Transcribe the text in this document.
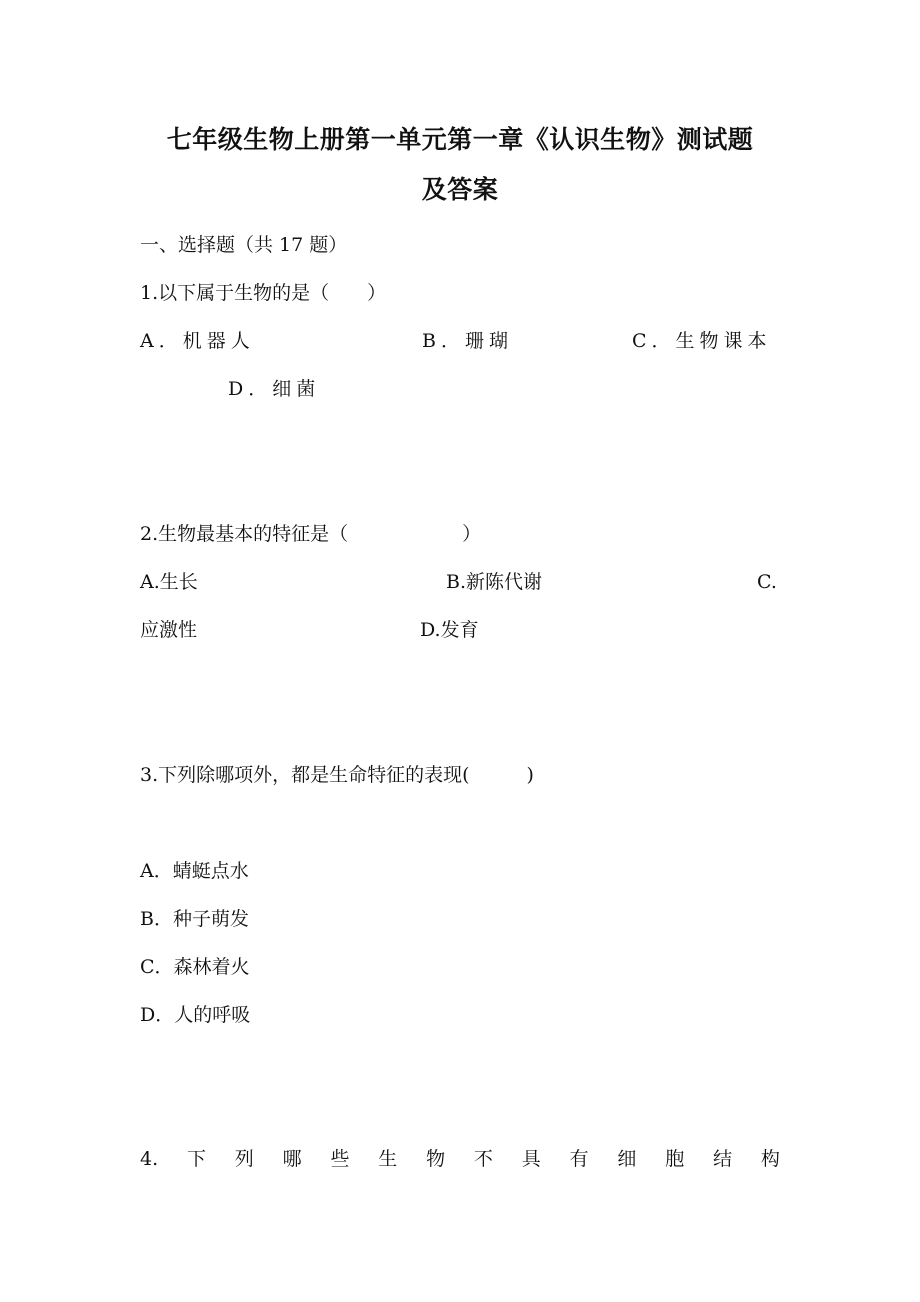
七年级生物上册第一单元第一章《认识生物》测试题
及答案
一、选择题（共 17 题）
1.以下属于生物的是（　　）
A．机器人	B．珊瑚	C．生物课本
D．细菌
2.生物最基本的特征是（　　　　　　）
A.生长	B.新陈代谢	C.
应激性	D.发育
3.下列除哪项外，都是生命特征的表现(　　　)
A．蜻蜓点水
B．种子萌发
C．森林着火
D．人的呼吸
4. 下 列 哪 些 生 物 不 具 有 细 胞 结 构
